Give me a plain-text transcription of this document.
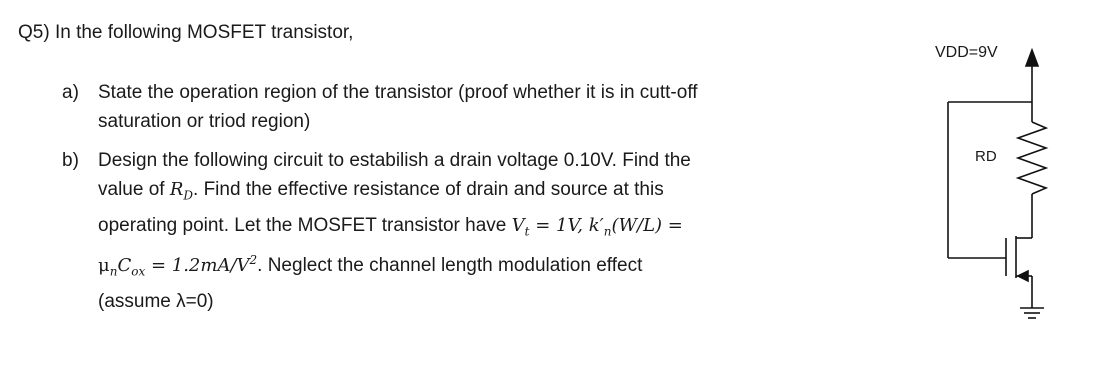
Q5) In the following MOSFET transistor,
a) State the operation region of the transistor (proof whether it is in cutt-off
saturation or triod region)
b) Design the following circuit to estabilish a drain voltage 0.10V. Find the
value of $R_D$. Find the effective resistance of drain and source at this
operating point. Let the MOSFET transistor have $V_t = 1V$, $k'_n(W/L)$ =
$\mu_nC_{ox} = 1.2mA/V^2$. Neglect the channel length modulation effect
(assume λ=0)
VDD=9V
RD
